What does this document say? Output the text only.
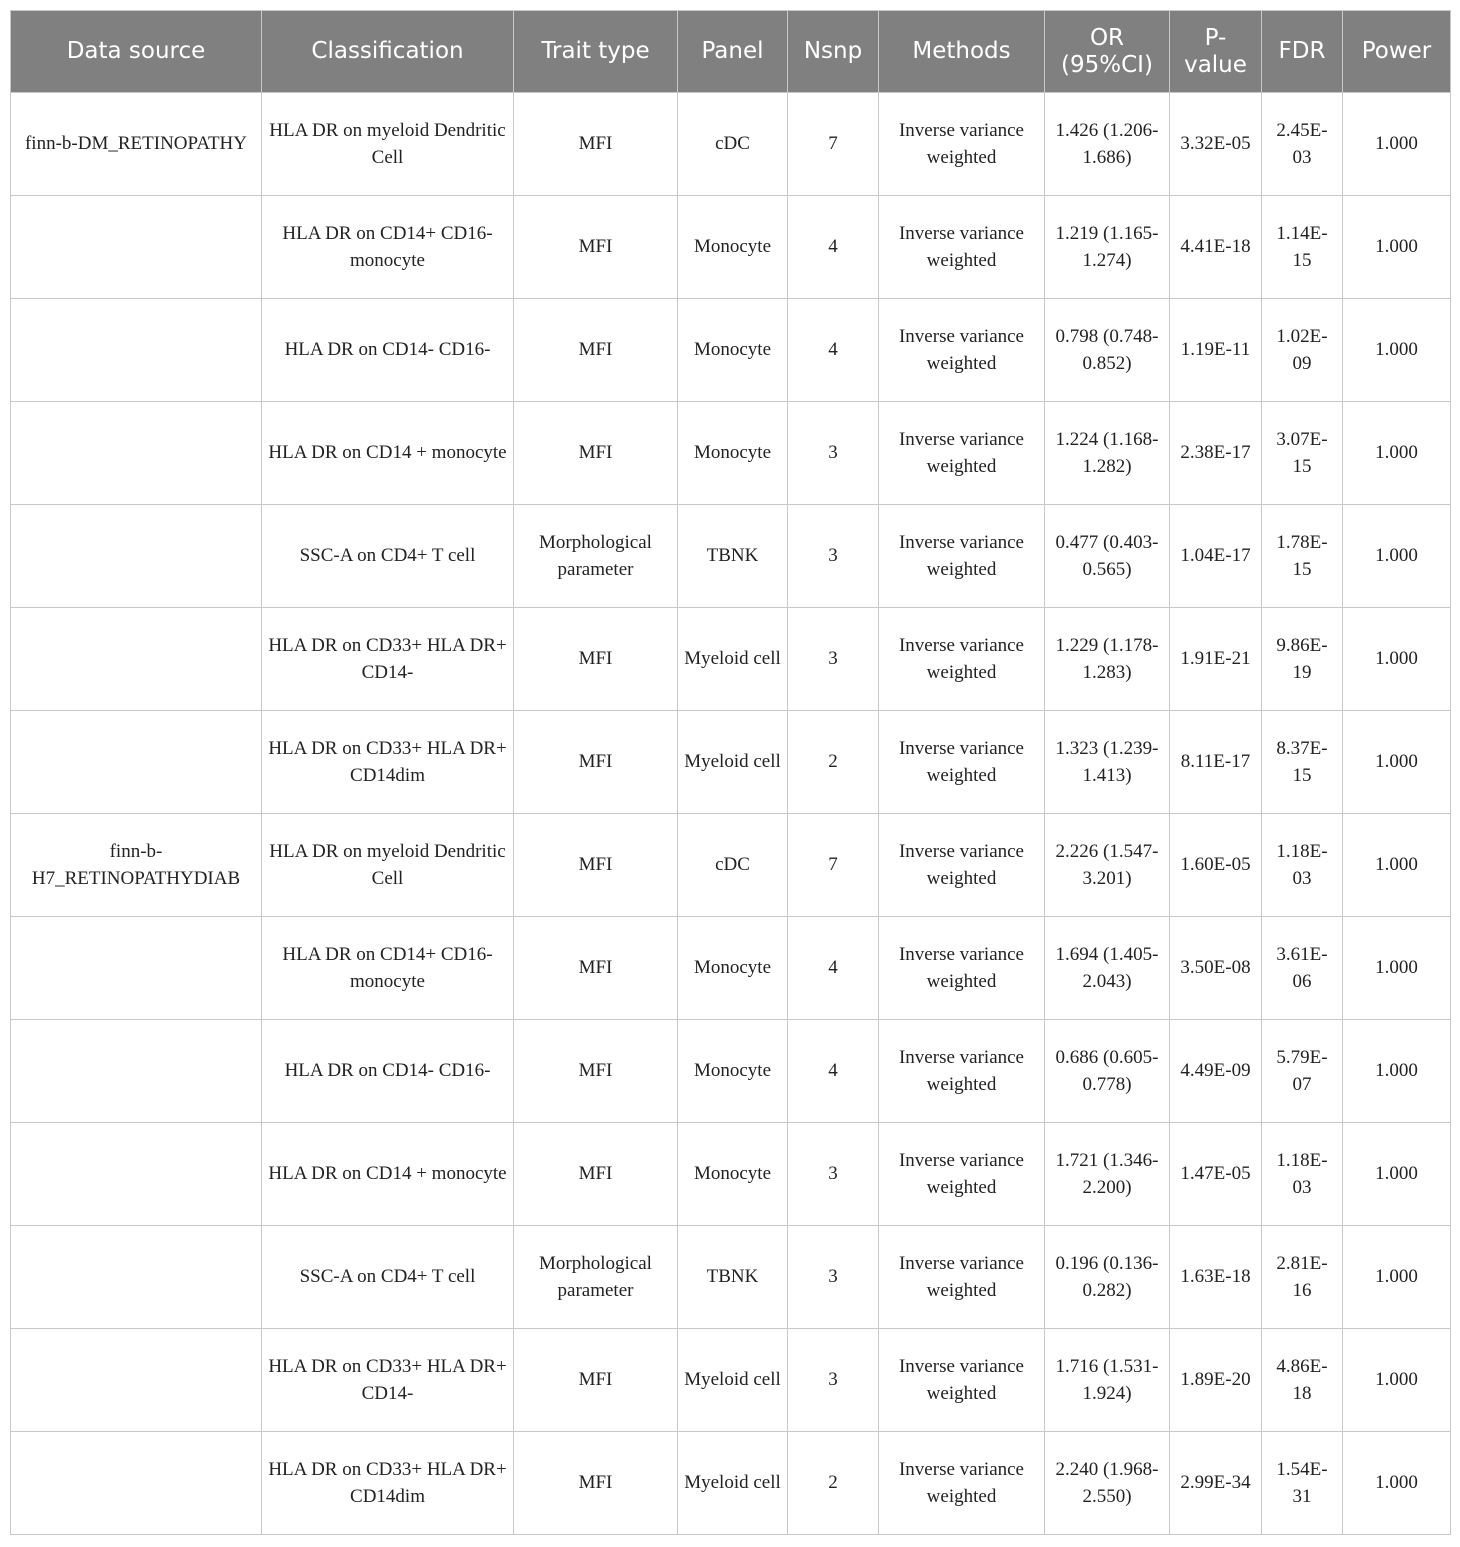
Data source	Classification	Trait type	Panel	Nsnp	Methods	OR (95%CI)	P-value	FDR	Power
finn-b-DM_RETINOPATHY	HLA DR on myeloid Dendritic Cell	MFI	cDC	7	Inverse variance weighted	1.426 (1.206-1.686)	3.32E-05	2.45E-03	1.000
	HLA DR on CD14+ CD16- monocyte	MFI	Monocyte	4	Inverse variance weighted	1.219 (1.165-1.274)	4.41E-18	1.14E-15	1.000
	HLA DR on CD14- CD16-	MFI	Monocyte	4	Inverse variance weighted	0.798 (0.748-0.852)	1.19E-11	1.02E-09	1.000
	HLA DR on CD14 + monocyte	MFI	Monocyte	3	Inverse variance weighted	1.224 (1.168-1.282)	2.38E-17	3.07E-15	1.000
	SSC-A on CD4+ T cell	Morphological parameter	TBNK	3	Inverse variance weighted	0.477 (0.403-0.565)	1.04E-17	1.78E-15	1.000
	HLA DR on CD33+ HLA DR+ CD14-	MFI	Myeloid cell	3	Inverse variance weighted	1.229 (1.178-1.283)	1.91E-21	9.86E-19	1.000
	HLA DR on CD33+ HLA DR+ CD14dim	MFI	Myeloid cell	2	Inverse variance weighted	1.323 (1.239-1.413)	8.11E-17	8.37E-15	1.000
finn-b-H7_RETINOPATHYDIAB	HLA DR on myeloid Dendritic Cell	MFI	cDC	7	Inverse variance weighted	2.226 (1.547-3.201)	1.60E-05	1.18E-03	1.000
	HLA DR on CD14+ CD16- monocyte	MFI	Monocyte	4	Inverse variance weighted	1.694 (1.405-2.043)	3.50E-08	3.61E-06	1.000
	HLA DR on CD14- CD16-	MFI	Monocyte	4	Inverse variance weighted	0.686 (0.605-0.778)	4.49E-09	5.79E-07	1.000
	HLA DR on CD14 + monocyte	MFI	Monocyte	3	Inverse variance weighted	1.721 (1.346-2.200)	1.47E-05	1.18E-03	1.000
	SSC-A on CD4+ T cell	Morphological parameter	TBNK	3	Inverse variance weighted	0.196 (0.136-0.282)	1.63E-18	2.81E-16	1.000
	HLA DR on CD33+ HLA DR+ CD14-	MFI	Myeloid cell	3	Inverse variance weighted	1.716 (1.531-1.924)	1.89E-20	4.86E-18	1.000
	HLA DR on CD33+ HLA DR+ CD14dim	MFI	Myeloid cell	2	Inverse variance weighted	2.240 (1.968-2.550)	2.99E-34	1.54E-31	1.000
